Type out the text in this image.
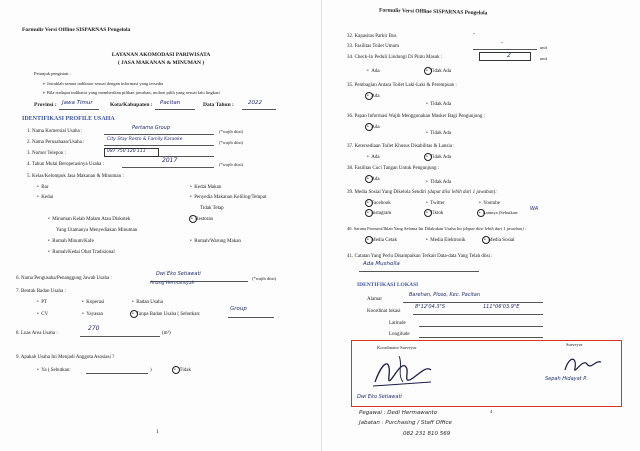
Formulir Versi Offline SISPARNAS Pengelola
LAYANAN AKOMODASI PARIWISATA
( JASA MAKANAN & MINUMAN )
Petunjuk pengisian :
➢ Jawablah semua indikator sesuai dengan informasi yang tersedia
➢ Bila terdapat indikator yang memberikan pilihan jawaban, mohon pilih yang sesuai lalu lingkari
Provinsi : Jawa Timur	Kota/Kabupaten : Pacitan	Data Tahun :	2022
IDENTIFIKASI PROFILE USAHA
1. Nama Komersial Usaha :
Pertama Group
(*wajib diisi)
2. Nama Perusahaan/Usaha :
City Stay Resto & Family Karaoke
(*wajib diisi)
3. Nomor Telepon :	087 750 120 111
4. Tahun Mulai Beroperasinya Usaha :
2017
(*wajib diisi)
5. Kelas/Kelompok Jasa Makanan & Minuman :
•  Bar
•  Kedai
•  Kedai Makan
•  Penyedia Makanan Keliling/Tempat
Tidak Tetap
•  Minuman Kelab Malam Atau Diskotek
Yang Utamanya Menyediakan Minuman
•  Restoran
•  Rumah Minum/Kafe	•  Rumah/Warung Makan
•  Rumah/Kedai Obat Tradisional
6. Nama Pengusaha/Penanggung Jawab Usaha :
Dwi Eko Setiawati
Anang Hermansyah
(*wajib diisi)
7. Bentuk Badan Usaha :
•  PT	•  Koperasi	•  Badan Usaha
•  CV	•  Yayasan	•  Tanpa Badan Usaha ( Sebutkan:
Group
8. Luas Area Usaha :
270
(m²)
9. Apakah Usaha Ini Menjadi Anggota Asosiasi ?
•  Ya ( Sebutkan:	)	•   Tidak
1
Formulir Versi Offline SISPARNAS Pengelola
32. Kapasitas Parkir Bus	-
33. Fasilitas Toilet Umum
-
unit
34. Check-In Peduli Lindungi Di Pintu Masuk :	2	unit
•  Ada	•  Tidak Ada
35. Pembagian Antara Toilet Laki-Laki & Perempuan :
•  Ada
•  Tidak Ada
36. Papan Informasi Wajib Menggunakan Masker Bagi Pengunjung :
•  Ada
•  Tidak Ada
37. Ketersediaan Toilet Khusus Disabilitas & Lansia :
•  Ada	•  Tidak Ada
38. Fasilitas Cuci Tangan Untuk Pengunjung :
•  Ada
•  Tidak Ada
39. Media Sosial Yang Dikelola Sendiri (dapat diisi lebih dari 1 jawaban):
•  Facebook	•  Twitter	•  Youtube
•  Instagram	•  Tiktok	•  Lainnya (Sebutkan:
WA
40. Sarana Promosi/Iklan Yang Selama Ini Dilakukan Usaha Ini (dapat diisi lebih dari 1 jawaban) :
•  Media Cetak	•  Media Elektronik	•  Media Sosial
41. Catatan Yang Perlu Disampaikan Terkait Data-data Yang Telah diisi :
Ada Musholla
IDENTIFIKASI LOKASI
Alamat
Barehan, Ploso, Kec. Pacitan
Koordinat lokasi
8°12'04.3"S	111°06'03.9"E
Latitude
Longitude
Koordinator Surveyor
Surveyor
Dwi Eko Setiawati
Sepah Hidayat P.
Pegawai : Dedi Hermawanto
Jabatan : Purchasing / Staff Office
082 231 810 569
4
